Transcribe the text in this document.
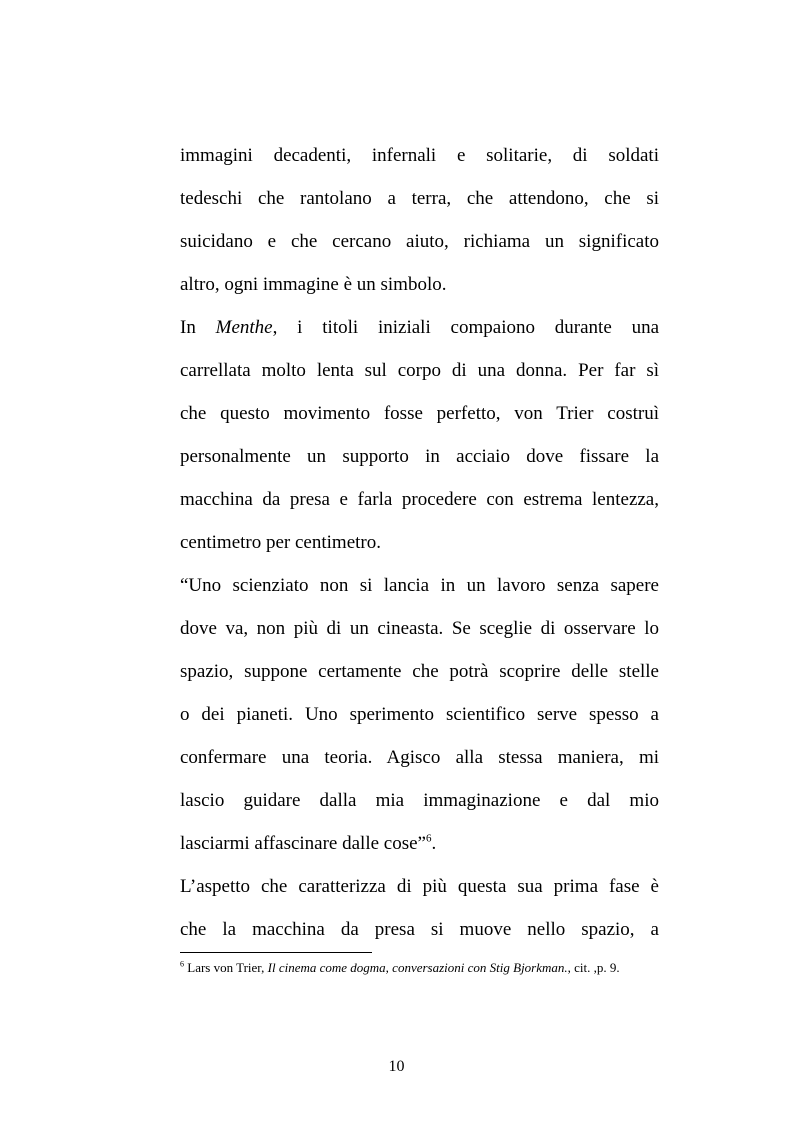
immagini decadenti, infernali e solitarie, di soldati
tedeschi che rantolano a terra, che attendono, che si
suicidano e che cercano aiuto, richiama un significato
altro, ogni immagine è un simbolo.
In Menthe, i titoli iniziali compaiono durante una
carrellata molto lenta sul corpo di una donna. Per far sì
che questo movimento fosse perfetto, von Trier costruì
personalmente un supporto in acciaio dove fissare la
macchina da presa e farla procedere con estrema lentezza,
centimetro per centimetro.
“Uno scienziato non si lancia in un lavoro senza sapere
dove va, non più di un cineasta. Se sceglie di osservare lo
spazio, suppone certamente che potrà scoprire delle stelle
o dei pianeti. Uno sperimento scientifico serve spesso a
confermare una teoria. Agisco alla stessa maniera, mi
lascio guidare dalla mia immaginazione e dal mio
lasciarmi affascinare dalle cose”$^6$.
L’aspetto che caratterizza di più questa sua prima fase è
che la macchina da presa si muove nello spazio, a
$^6$ Lars von Trier, Il cinema come dogma, conversazioni con Stig Bjorkman., cit. ,p. 9.
10
